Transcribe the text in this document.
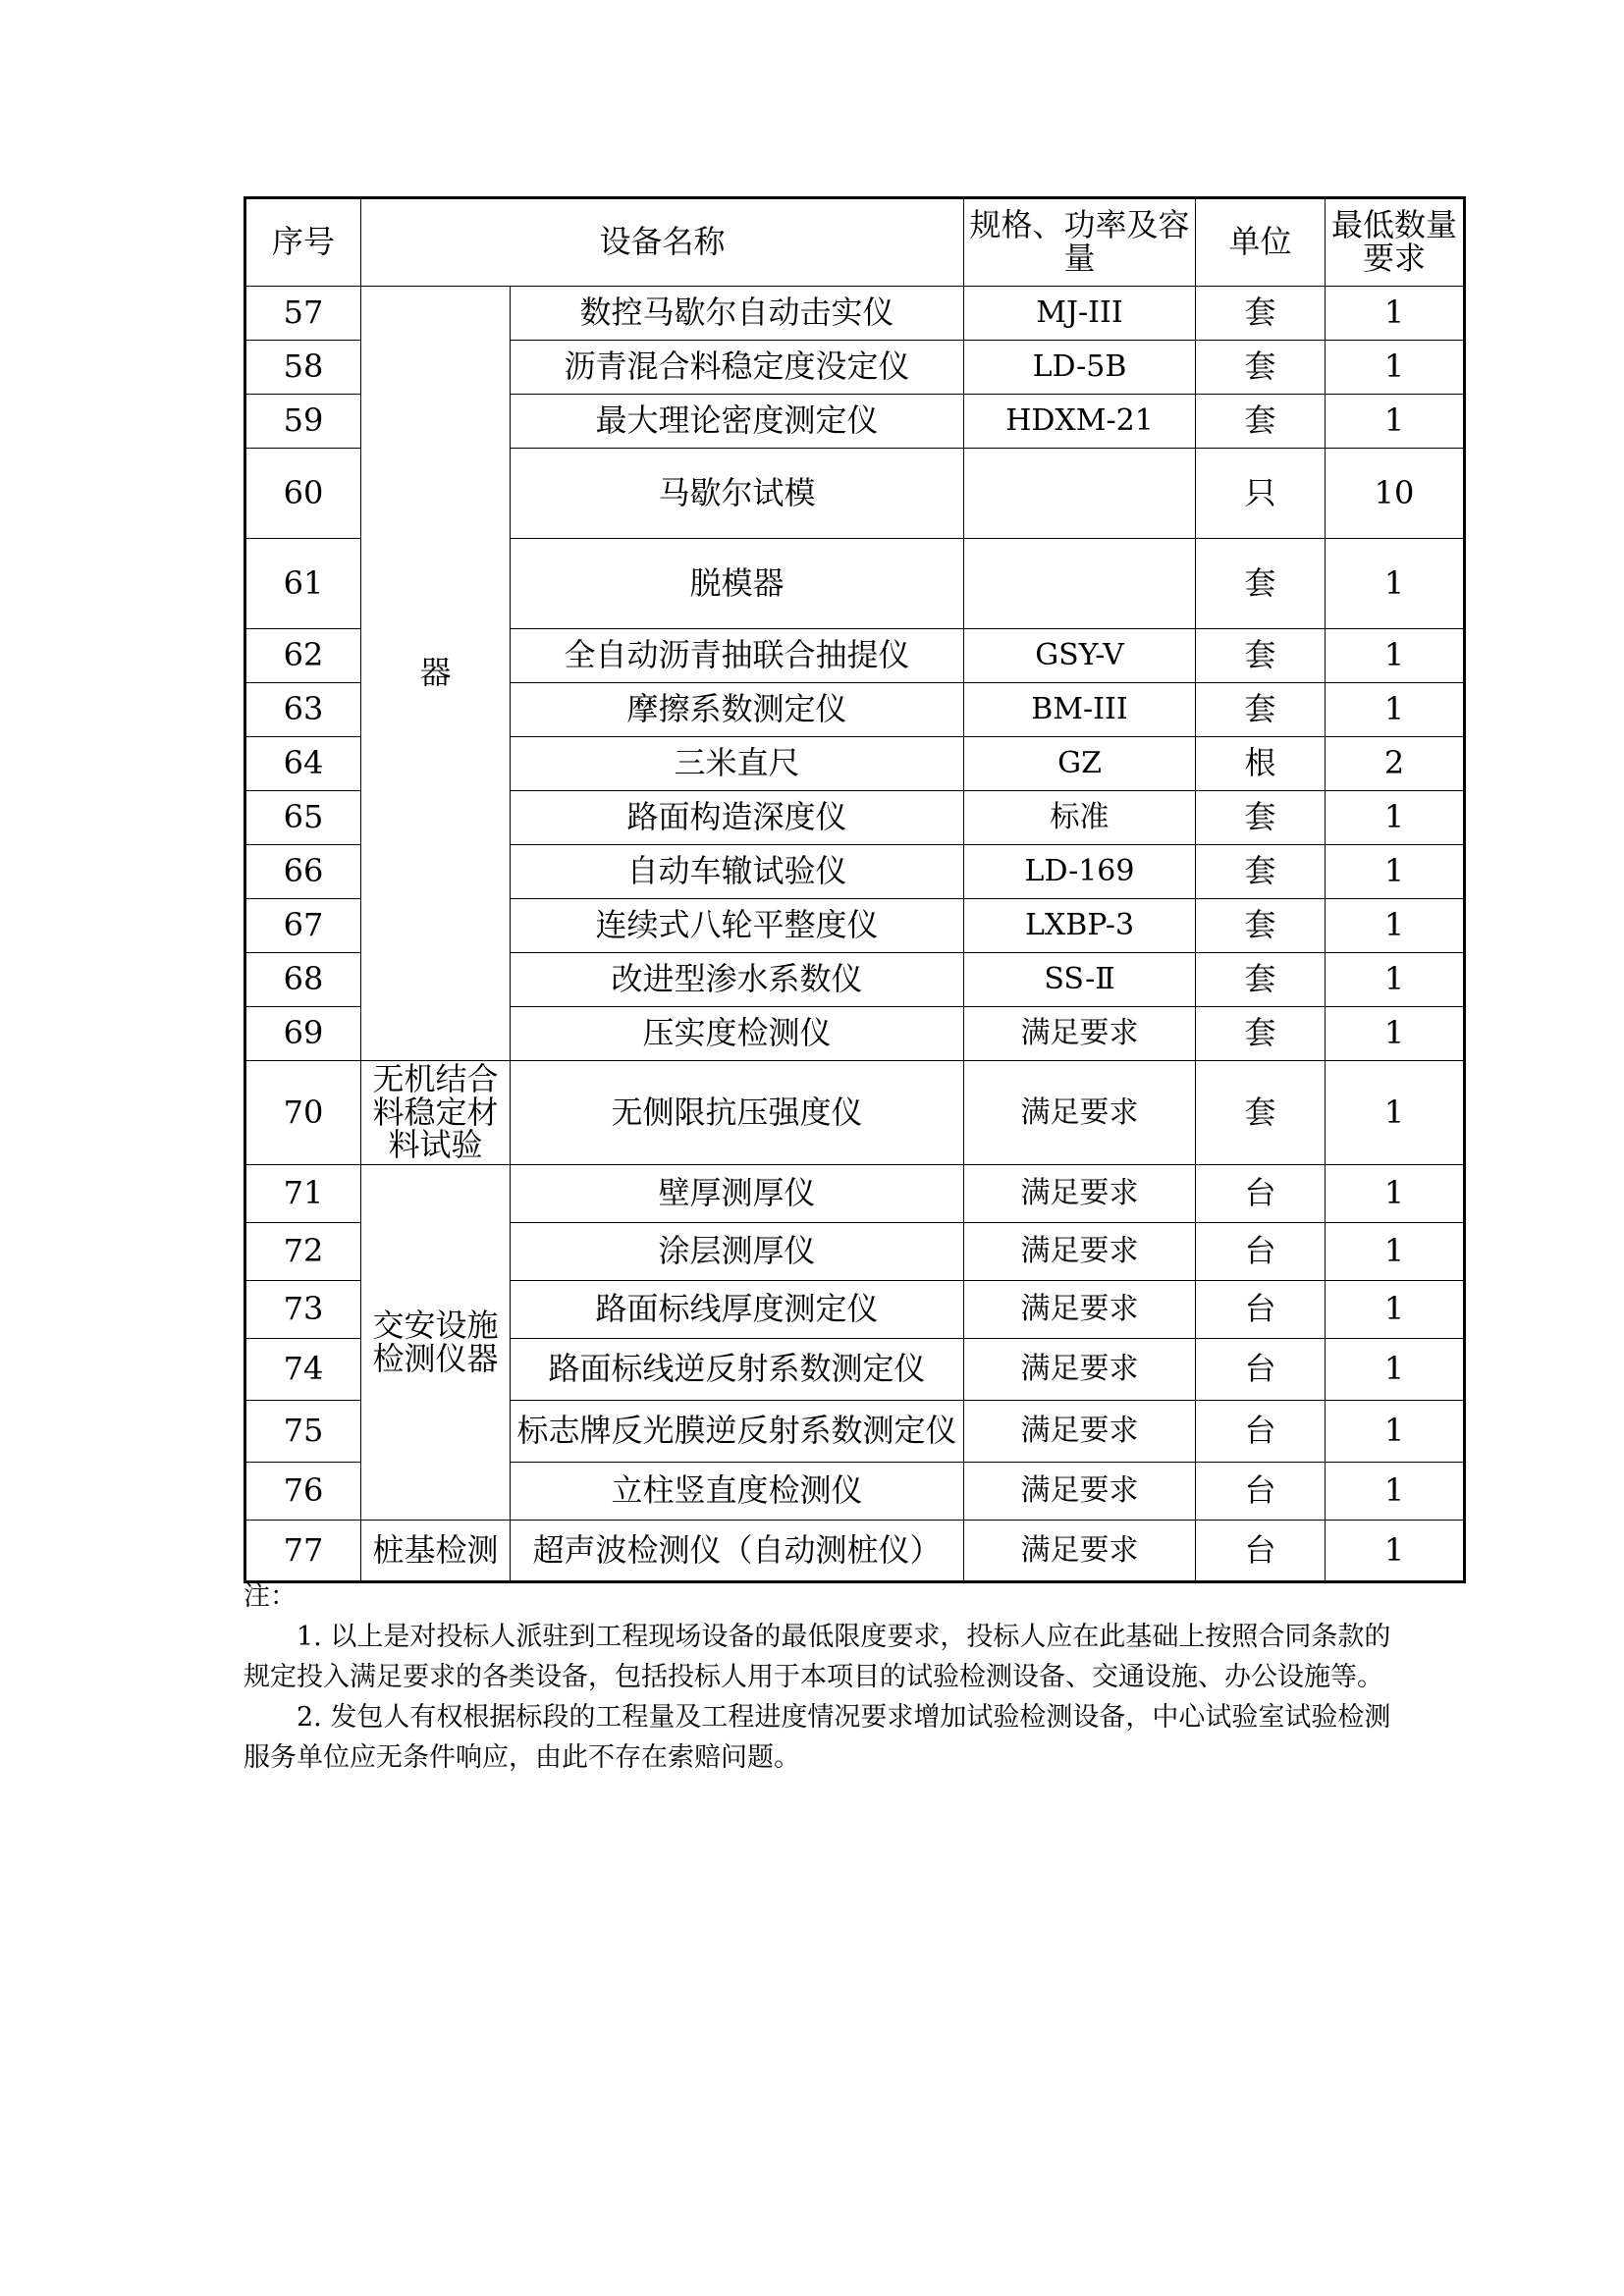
序号	设备名称		规格、功率及容量	单位	最低数量要求
57	器	数控马歇尔自动击实仪	MJ-III	套	1
58		沥青混合料稳定度没定仪	LD-5B	套	1
59		最大理论密度测定仪	HDXM-21	套	1
60		马歇尔试模		只	10
61		脱模器		套	1
62		全自动沥青抽联合抽提仪	GSY-V	套	1
63		摩擦系数测定仪	BM-III	套	1
64		三米直尺	GZ	根	2
65		路面构造深度仪	标准	套	1
66		自动车辙试验仪	LD-169	套	1
67		连续式八轮平整度仪	LXBP-3	套	1
68		改进型渗水系数仪	SS-Ⅱ	套	1
69		压实度检测仪	满足要求	套	1
70	无机结合料稳定材料试验	无侧限抗压强度仪	满足要求	套	1
71	交安设施检测仪器	壁厚测厚仪	满足要求	台	1
72		涂层测厚仪	满足要求	台	1
73		路面标线厚度测定仪	满足要求	台	1
74		路面标线逆反射系数测定仪	满足要求	台	1
75		标志牌反光膜逆反射系数测定仪	满足要求	台	1
76		立柱竖直度检测仪	满足要求	台	1
77	桩基检测	超声波检测仪（自动测桩仪）	满足要求	台	1

注：

1. 以上是对投标人派驻到工程现场设备的最低限度要求，投标人应在此基础上按照合同条款的规定投入满足要求的各类设备，包括投标人用于本项目的试验检测设备、交通设施、办公设施等。

2. 发包人有权根据标段的工程量及工程进度情况要求增加试验检测设备，中心试验室试验检测服务单位应无条件响应，由此不存在索赔问题。
